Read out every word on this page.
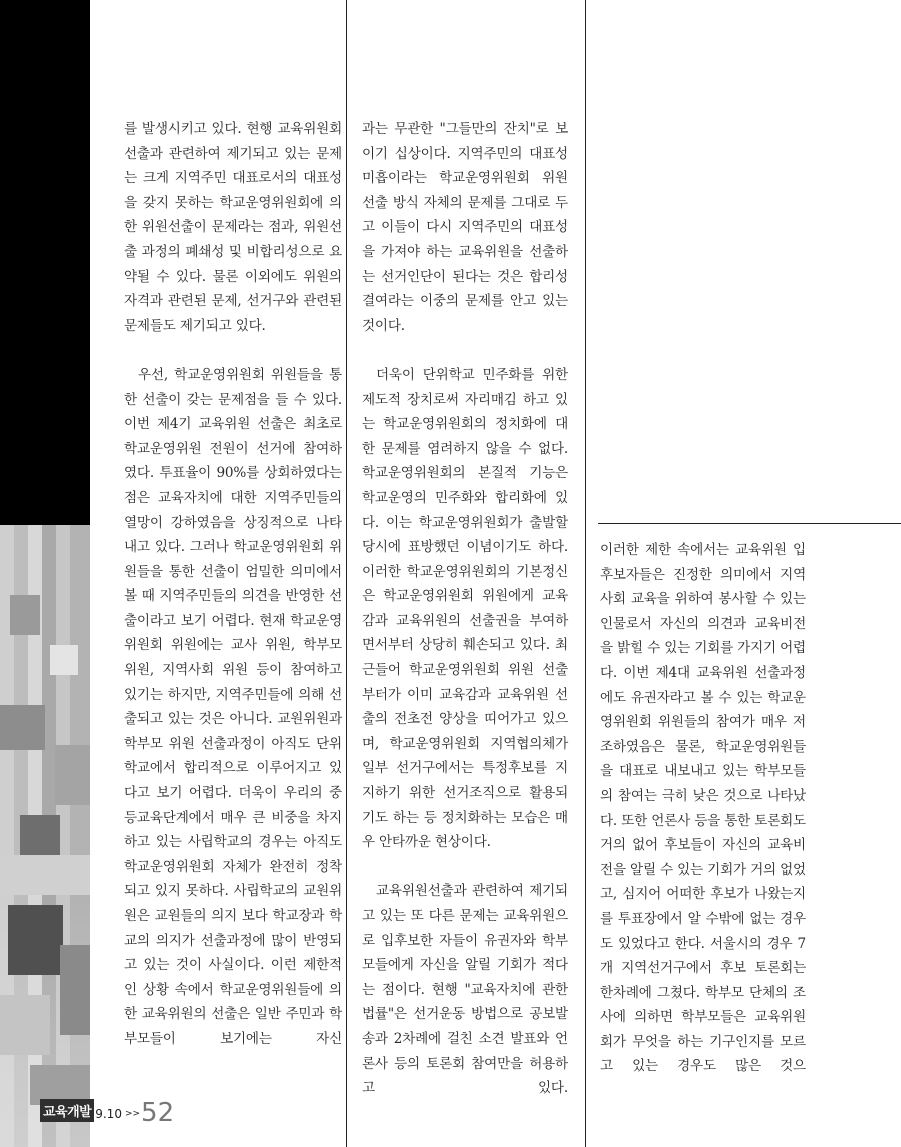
를 발생시키고 있다. 현행 교육위원회 선출과 관련하여 제기되고 있는 문제는 크게 지역주민 대표로서의 대표성을 갖지 못하는 학교운영위원회에 의한 위원선출이 문제라는 점과, 위원선출 과정의 폐쇄성 및 비합리성으로 요약될 수 있다. 물론 이외에도 위원의 자격과 관련된 문제, 선거구와 관련된 문제들도 제기되고 있다.

우선, 학교운영위원회 위원들을 통한 선출이 갖는 문제점을 들 수 있다. 이번 제4기 교육위원 선출은 최초로 학교운영위원 전원이 선거에 참여하였다. 투표율이 90%를 상회하였다는 점은 교육자치에 대한 지역주민들의 열망이 강하였음을 상징적으로 나타내고 있다. 그러나 학교운영위원회 위원들을 통한 선출이 엄밀한 의미에서 볼 때 지역주민들의 의견을 반영한 선출이라고 보기 어렵다. 현재 학교운영위원회 위원에는 교사 위원, 학부모 위원, 지역사회 위원 등이 참여하고 있기는 하지만, 지역주민들에 의해 선출되고 있는 것은 아니다. 교원위원과 학부모 위원 선출과정이 아직도 단위학교에서 합리적으로 이루어지고 있다고 보기 어렵다. 더욱이 우리의 중등교육단계에서 매우 큰 비중을 차지하고 있는 사립학교의 경우는 아직도 학교운영위원회 자체가 완전히 정착되고 있지 못하다. 사립학교의 교원위원은 교원들의 의지 보다 학교장과 학교의 의지가 선출과정에 많이 반영되고 있는 것이 사실이다. 이런 제한적인 상황 속에서 학교운영위원들에 의한 교육위원의 선출은 일반 주민과 학부모들이 보기에는 자신

과는 무관한 "그들만의 잔치"로 보이기 십상이다. 지역주민의 대표성 미흡이라는 학교운영위원회 위원 선출 방식 자체의 문제를 그대로 두고 이들이 다시 지역주민의 대표성을 가져야 하는 교육위원을 선출하는 선거인단이 된다는 것은 합리성 결여라는 이중의 문제를 안고 있는 것이다.

더욱이 단위학교 민주화를 위한 제도적 장치로써 자리매김 하고 있는 학교운영위원회의 정치화에 대한 문제를 염려하지 않을 수 없다. 학교운영위원회의 본질적 기능은 학교운영의 민주화와 합리화에 있다. 이는 학교운영위원회가 출발할 당시에 표방했던 이념이기도 하다. 이러한 학교운영위원회의 기본정신은 학교운영위원회 위원에게 교육감과 교육위원의 선출권을 부여하면서부터 상당히 훼손되고 있다. 최근들어 학교운영위원회 위원 선출부터가 이미 교육감과 교육위원 선출의 전초전 양상을 띠어가고 있으며, 학교운영위원회 지역협의체가 일부 선거구에서는 특정후보를 지지하기 위한 선거조직으로 활용되기도 하는 등 정치화하는 모습은 매우 안타까운 현상이다.

교육위원선출과 관련하여 제기되고 있는 또 다른 문제는 교육위원으로 입후보한 자들이 유권자와 학부모들에게 자신을 알릴 기회가 적다는 점이다. 현행 "교육자치에 관한 법률"은 선거운동 방법으로 공보발송과 2차례에 걸친 소견 발표와 언론사 등의 토론회 참여만을 허용하고 있다.

이러한 제한 속에서는 교육위원 입후보자들은 진정한 의미에서 지역사회 교육을 위하여 봉사할 수 있는 인물로서 자신의 의견과 교육비전을 밝힐 수 있는 기회를 가지기 어렵다. 이번 제4대 교육위원 선출과정에도 유권자라고 볼 수 있는 학교운영위원회 위원들의 참여가 매우 저조하였음은 물론, 학교운영위원들을 대표로 내보내고 있는 학부모들의 참여는 극히 낮은 것으로 나타났다. 또한 언론사 등을 통한 토론회도 거의 없어 후보들이 자신의 교육비전을 알릴 수 있는 기회가 거의 없었고, 심지어 어떠한 후보가 나왔는지를 투표장에서 알 수밖에 없는 경우도 있었다고 한다. 서울시의 경우 7개 지역선거구에서 후보 토론회는 한차례에 그쳤다. 학부모 단체의 조사에 의하면 학부모들은 교육위원회가 무엇을 하는 기구인지를 모르고 있는 경우도 많은 것으

교육개발 9.10 >> 52
